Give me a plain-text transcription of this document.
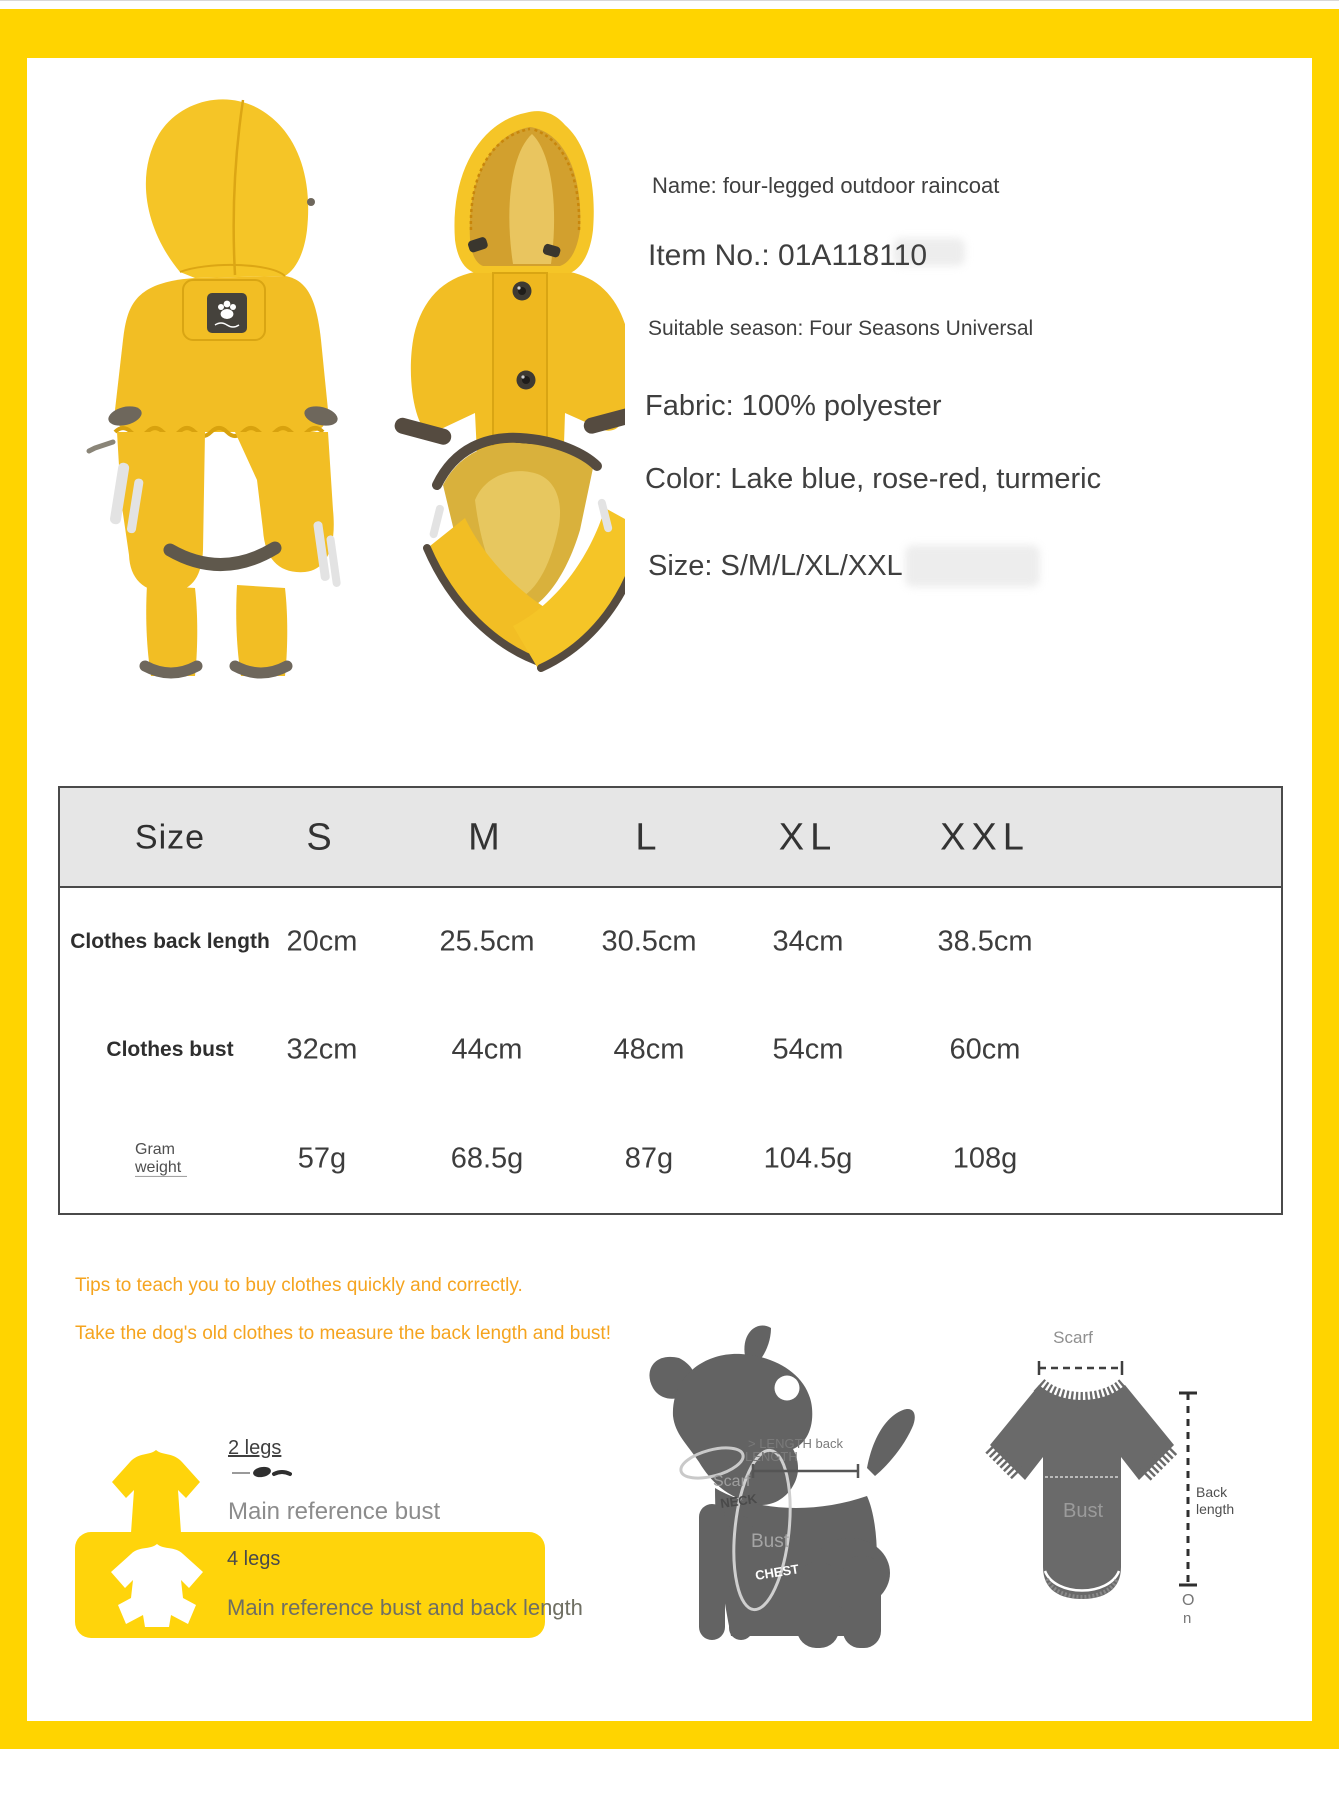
Name: four-legged outdoor raincoat
Item No.: 01A118110
Suitable season: Four Seasons Universal
Fabric: 100% polyester
Color: Lake blue, rose-red, turmeric
Size: S/M/L/XL/XXL
Size	S	M	L	XL	XXL
Clothes back length 20cm	25.5cm	30.5cm	34cm	38.5cm
Clothes bust	32cm	44cm	48cm	54cm	60cm
Gram
weight	57g	68.5g	87g	104.5g	108g
Tips to teach you to buy clothes quickly and correctly.
Take the dog's old clothes to measure the back length and bust!
2 legs
Main reference bust
4 legs
Main reference bust and back length
> LENGTH back
LENGTH
Scarf
NECK
Bust
CHEST
Scarf
Bust
Back
length
O
n
